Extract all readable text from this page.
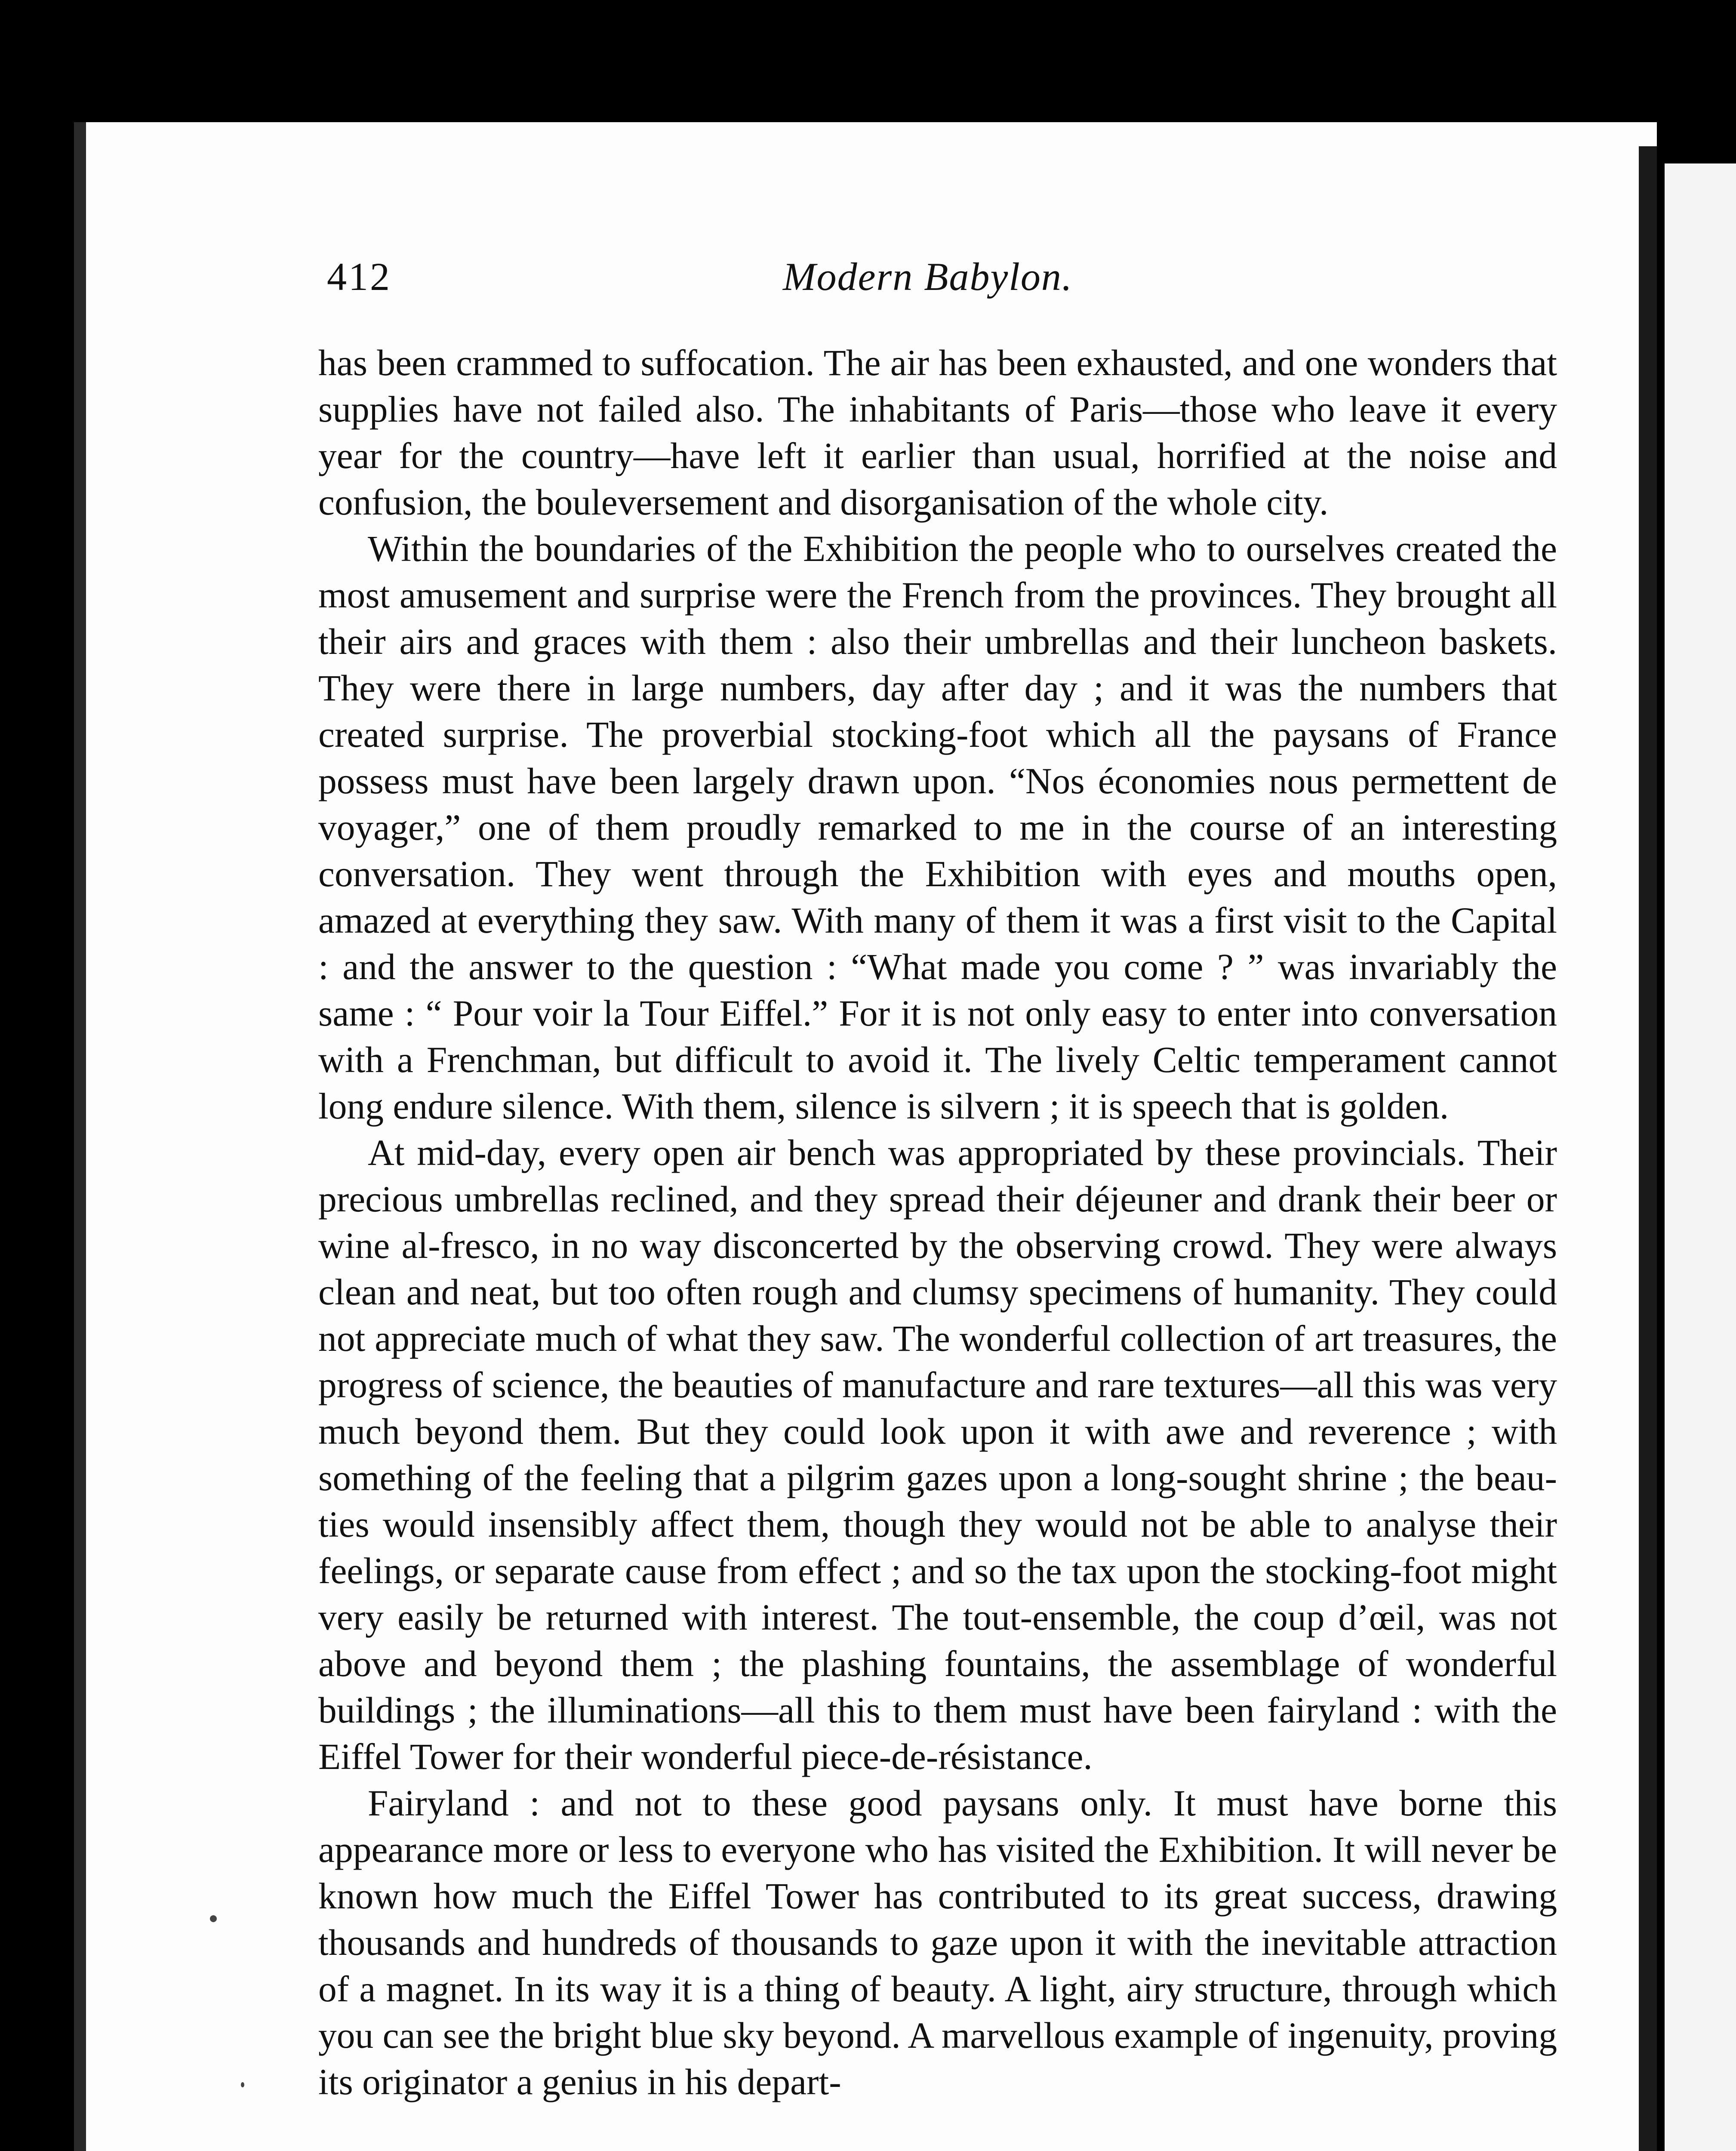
412	Modern Babylon.

has been crammed to suffocation. The air has been exhausted, and one wonders that supplies have not failed also. The inhabitants of Paris—those who leave it every year for the country—have left it earlier than usual, horrified at the noise and confusion, the bouleversement and disorganisation of the whole city.

Within the boundaries of the Exhibition the people who to ourselves created the most amusement and surprise were the French from the provinces. They brought all their airs and graces with them : also their umbrellas and their luncheon baskets. They were there in large numbers, day after day ; and it was the numbers that created surprise. The proverbial stocking-foot which all the paysans of France possess must have been largely drawn upon. “Nos économies nous permettent de voyager,” one of them proudly remarked to me in the course of an interesting conversation. They went through the Exhibition with eyes and mouths open, amazed at everything they saw. With many of them it was a first visit to the Capital : and the answer to the question : “What made you come ? ” was invariably the same : “ Pour voir la Tour Eiffel.” For it is not only easy to enter into conversation with a Frenchman, but difficult to avoid it. The lively Celtic temperament cannot long endure silence. With them, silence is silvern ; it is speech that is golden.

At mid-day, every open air bench was appropriated by these provincials. Their precious umbrellas reclined, and they spread their déjeuner and drank their beer or wine al-fresco, in no way disconcerted by the observing crowd. They were always clean and neat, but too often rough and clumsy specimens of humanity. They could not appreciate much of what they saw. The wonderful collection of art treasures, the progress of science, the beauties of manufacture and rare textures—all this was very much beyond them. But they could look upon it with awe and reverence ; with something of the feeling that a pilgrim gazes upon a long-sought shrine ; the beauties would insensibly affect them, though they would not be able to analyse their feelings, or separate cause from effect ; and so the tax upon the stocking-foot might very easily be returned with interest. The tout-ensemble, the coup d’œil, was not above and beyond them ; the plashing fountains, the assemblage of wonderful buildings ; the illuminations—all this to them must have been fairyland : with the Eiffel Tower for their wonderful piece-de-résistance.

Fairyland : and not to these good paysans only. It must have borne this appearance more or less to everyone who has visited the Exhibition. It will never be known how much the Eiffel Tower has contributed to its great success, drawing thousands and hundreds of thousands to gaze upon it with the inevitable attraction of a magnet. In its way it is a thing of beauty. A light, airy structure, through which you can see the bright blue sky beyond. A marvellous example of ingenuity, proving its originator a genius in his depart-
